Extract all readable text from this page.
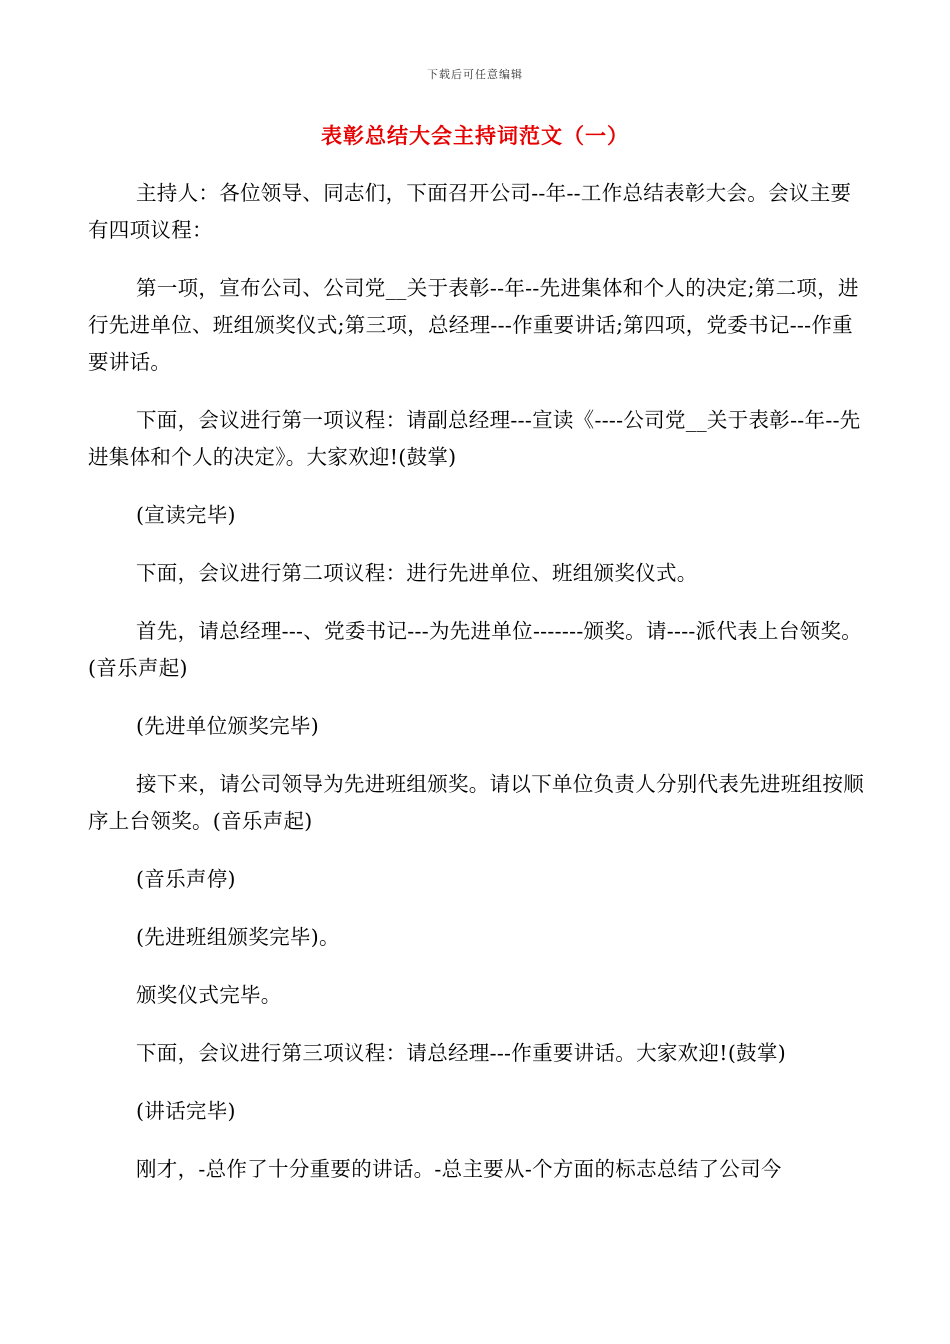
下载后可任意编辑
表彰总结大会主持词范文（一）

主持人：各位领导、同志们，下面召开公司--年--工作总结表彰大会。会议主要有四项议程：

第一项，宣布公司、公司党__关于表彰--年--先进集体和个人的决定;第二项，进行先进单位、班组颁奖仪式;第三项，总经理---作重要讲话;第四项，党委书记---作重要讲话。

下面，会议进行第一项议程：请副总经理---宣读《----公司党__关于表彰--年--先进集体和个人的决定》。大家欢迎!(鼓掌)

(宣读完毕)

下面，会议进行第二项议程：进行先进单位、班组颁奖仪式。

首先，请总经理---、党委书记---为先进单位-------颁奖。请----派代表上台领奖。(音乐声起)

(先进单位颁奖完毕)

接下来，请公司领导为先进班组颁奖。请以下单位负责人分别代表先进班组按顺序上台领奖。(音乐声起)

(音乐声停)

(先进班组颁奖完毕)。

颁奖仪式完毕。

下面，会议进行第三项议程：请总经理---作重要讲话。大家欢迎!(鼓掌)

(讲话完毕)

刚才，-总作了十分重要的讲话。-总主要从-个方面的标志总结了公司今
